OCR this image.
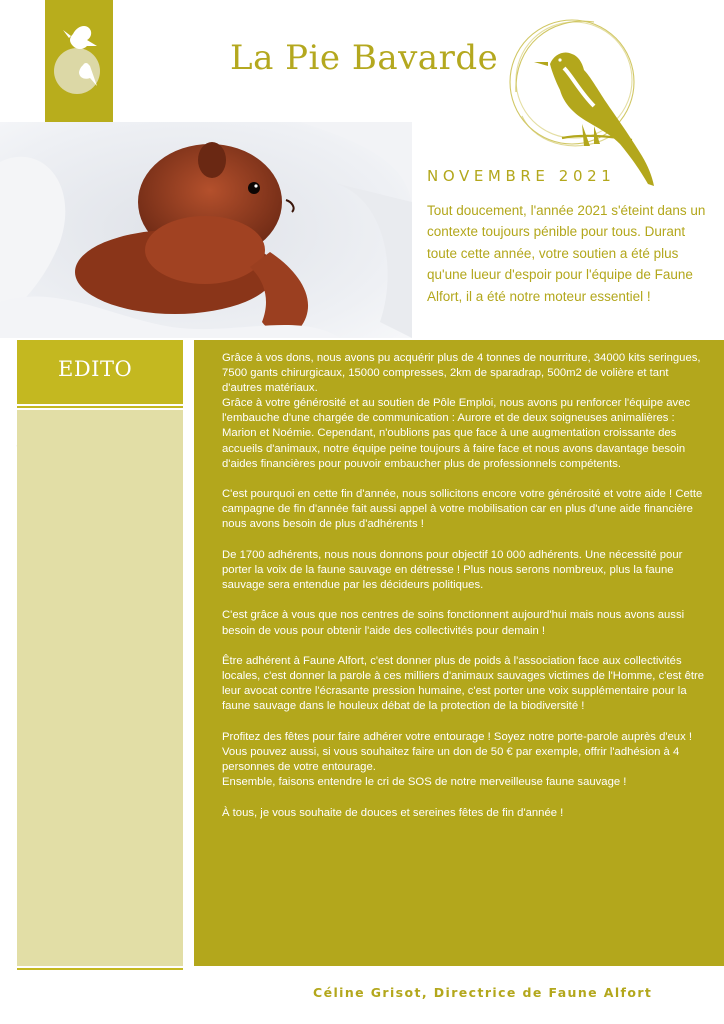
La Pie Bavarde
NOVEMBRE 2021
Tout doucement, l'année 2021 s'éteint dans un contexte toujours pénible pour tous. Durant toute cette année, votre soutien a été plus qu'une lueur d'espoir pour l'équipe de Faune Alfort, il a été notre moteur essentiel !
EDITO	Grâce à vos dons, nous avons pu acquérir plus de 4 tonnes de nourriture, 34000 kits seringues, 7500 gants chirurgicaux, 15000 compresses, 2km de sparadrap, 500m2 de volière et tant d'autres matériaux.
Grâce à votre générosité et au soutien de Pôle Emploi, nous avons pu renforcer l'équipe avec l'embauche d'une chargée de communication : Aurore et de deux soigneuses animalières : Marion et Noémie. Cependant, n'oublions pas que face à une augmentation croissante des accueils d'animaux, notre équipe peine toujours à faire face et nous avons davantage besoin d'aides financières pour pouvoir embaucher plus de professionnels compétents.

C'est pourquoi en cette fin d'année, nous sollicitons encore votre générosité et votre aide ! Cette campagne de fin d'année fait aussi appel à votre mobilisation car en plus d'une aide financière nous avons besoin de plus d'adhérents !

De 1700 adhérents, nous nous donnons pour objectif 10 000 adhérents. Une nécessité pour porter la voix de la faune sauvage en détresse ! Plus nous serons nombreux, plus la faune sauvage sera entendue par les décideurs politiques.

C'est grâce à vous que nos centres de soins fonctionnent aujourd'hui mais nous avons aussi besoin de vous pour obtenir l'aide des collectivités pour demain !

Être adhérent à Faune Alfort, c'est donner plus de poids à l'association face aux collectivités locales, c'est donner la parole à ces milliers d'animaux sauvages victimes de l'Homme, c'est être leur avocat contre l'écrasante pression humaine, c'est porter une voix supplémentaire pour la faune sauvage dans le houleux débat de la protection de la biodiversité !

Profitez des fêtes pour faire adhérer votre entourage ! Soyez notre porte-parole auprès d'eux !
Vous pouvez aussi, si vous souhaitez faire un don de 50 € par exemple, offrir l'adhésion à 4 personnes de votre entourage.
Ensemble, faisons entendre le cri de SOS de notre merveilleuse faune sauvage !

À tous, je vous souhaite de douces et sereines fêtes de fin d'année !

Céline Grisot, Directrice de Faune Alfort
